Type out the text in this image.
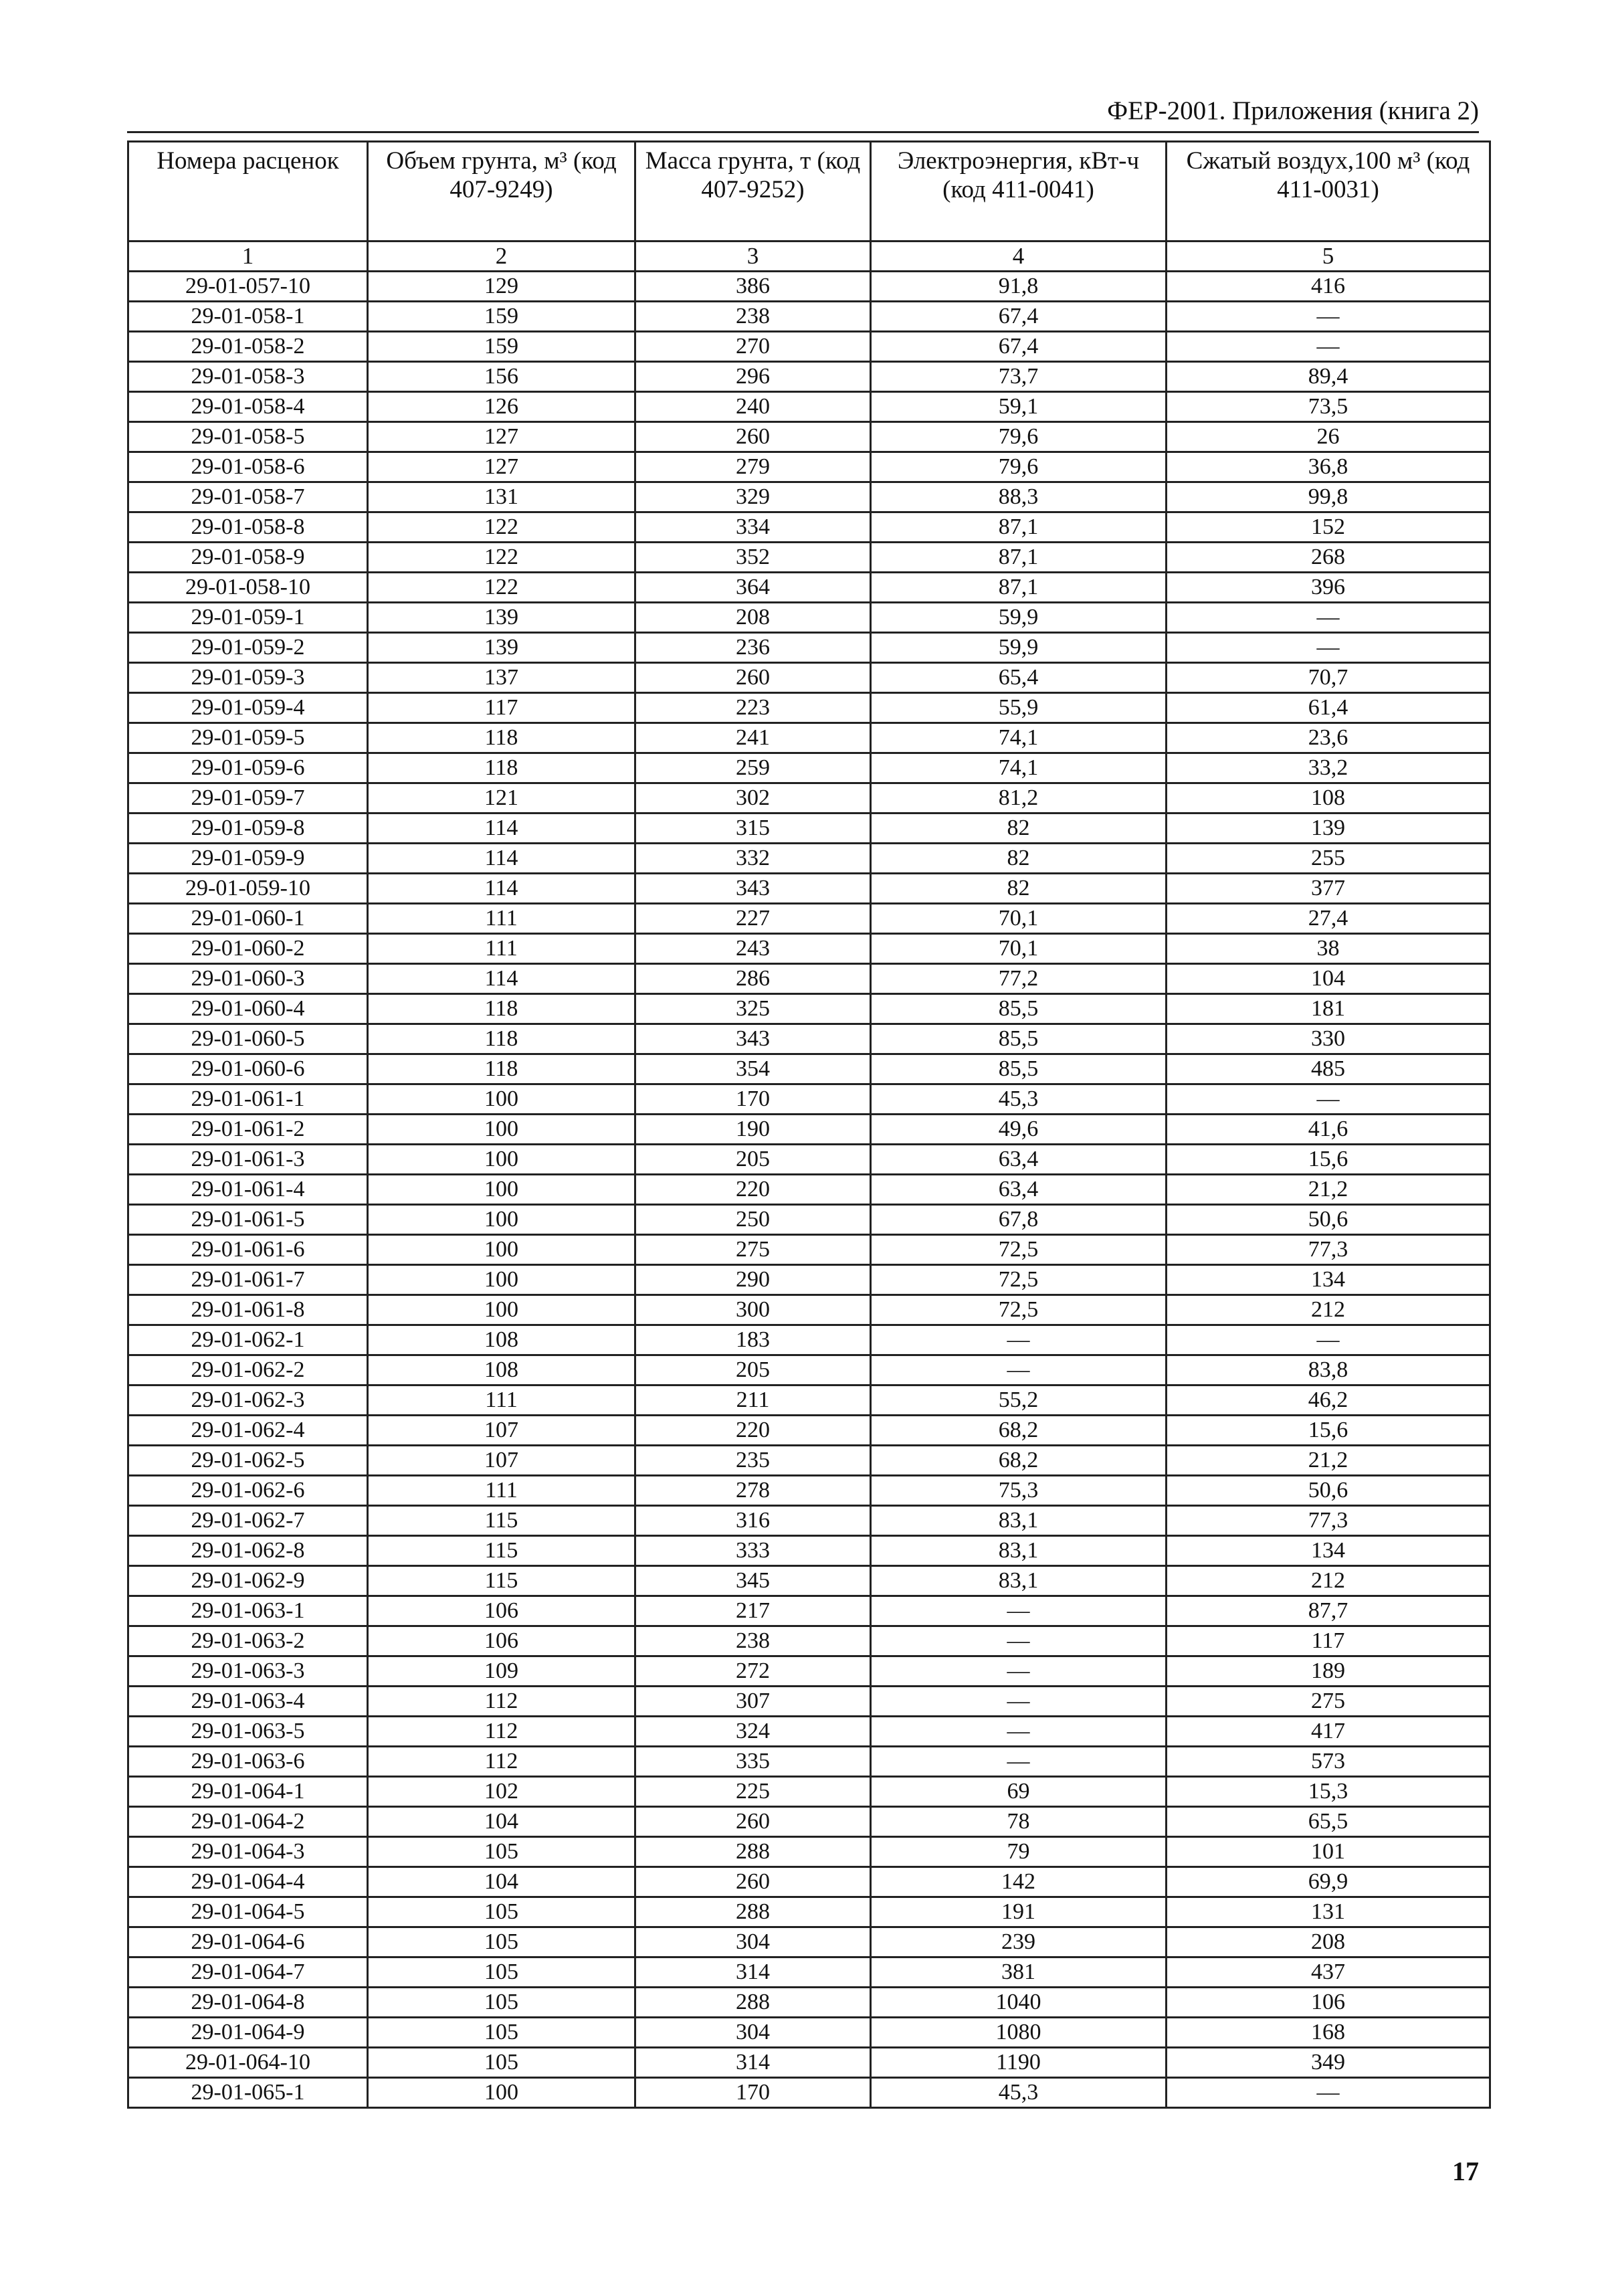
ФЕР-2001. Приложения (книга 2)
Номера расценок	Объем грунта, м³ (код 407-9249)	Масса грунта, т (код 407-9252)	Электроэнергия, кВт-ч (код 411-0041)	Сжатый воздух,100 м³ (код 411-0031)
1	2	3	4	5
29-01-057-10	129	386	91,8	416
29-01-058-1	159	238	67,4	—
29-01-058-2	159	270	67,4	—
29-01-058-3	156	296	73,7	89,4
29-01-058-4	126	240	59,1	73,5
29-01-058-5	127	260	79,6	26
29-01-058-6	127	279	79,6	36,8
29-01-058-7	131	329	88,3	99,8
29-01-058-8	122	334	87,1	152
29-01-058-9	122	352	87,1	268
29-01-058-10	122	364	87,1	396
29-01-059-1	139	208	59,9	—
29-01-059-2	139	236	59,9	—
29-01-059-3	137	260	65,4	70,7
29-01-059-4	117	223	55,9	61,4
29-01-059-5	118	241	74,1	23,6
29-01-059-6	118	259	74,1	33,2
29-01-059-7	121	302	81,2	108
29-01-059-8	114	315	82	139
29-01-059-9	114	332	82	255
29-01-059-10	114	343	82	377
29-01-060-1	111	227	70,1	27,4
29-01-060-2	111	243	70,1	38
29-01-060-3	114	286	77,2	104
29-01-060-4	118	325	85,5	181
29-01-060-5	118	343	85,5	330
29-01-060-6	118	354	85,5	485
29-01-061-1	100	170	45,3	—
29-01-061-2	100	190	49,6	41,6
29-01-061-3	100	205	63,4	15,6
29-01-061-4	100	220	63,4	21,2
29-01-061-5	100	250	67,8	50,6
29-01-061-6	100	275	72,5	77,3
29-01-061-7	100	290	72,5	134
29-01-061-8	100	300	72,5	212
29-01-062-1	108	183	—	—
29-01-062-2	108	205	—	83,8
29-01-062-3	111	211	55,2	46,2
29-01-062-4	107	220	68,2	15,6
29-01-062-5	107	235	68,2	21,2
29-01-062-6	111	278	75,3	50,6
29-01-062-7	115	316	83,1	77,3
29-01-062-8	115	333	83,1	134
29-01-062-9	115	345	83,1	212
29-01-063-1	106	217	—	87,7
29-01-063-2	106	238	—	117
29-01-063-3	109	272	—	189
29-01-063-4	112	307	—	275
29-01-063-5	112	324	—	417
29-01-063-6	112	335	—	573
29-01-064-1	102	225	69	15,3
29-01-064-2	104	260	78	65,5
29-01-064-3	105	288	79	101
29-01-064-4	104	260	142	69,9
29-01-064-5	105	288	191	131
29-01-064-6	105	304	239	208
29-01-064-7	105	314	381	437
29-01-064-8	105	288	1040	106
29-01-064-9	105	304	1080	168
29-01-064-10	105	314	1190	349
29-01-065-1	100	170	45,3	—
17
